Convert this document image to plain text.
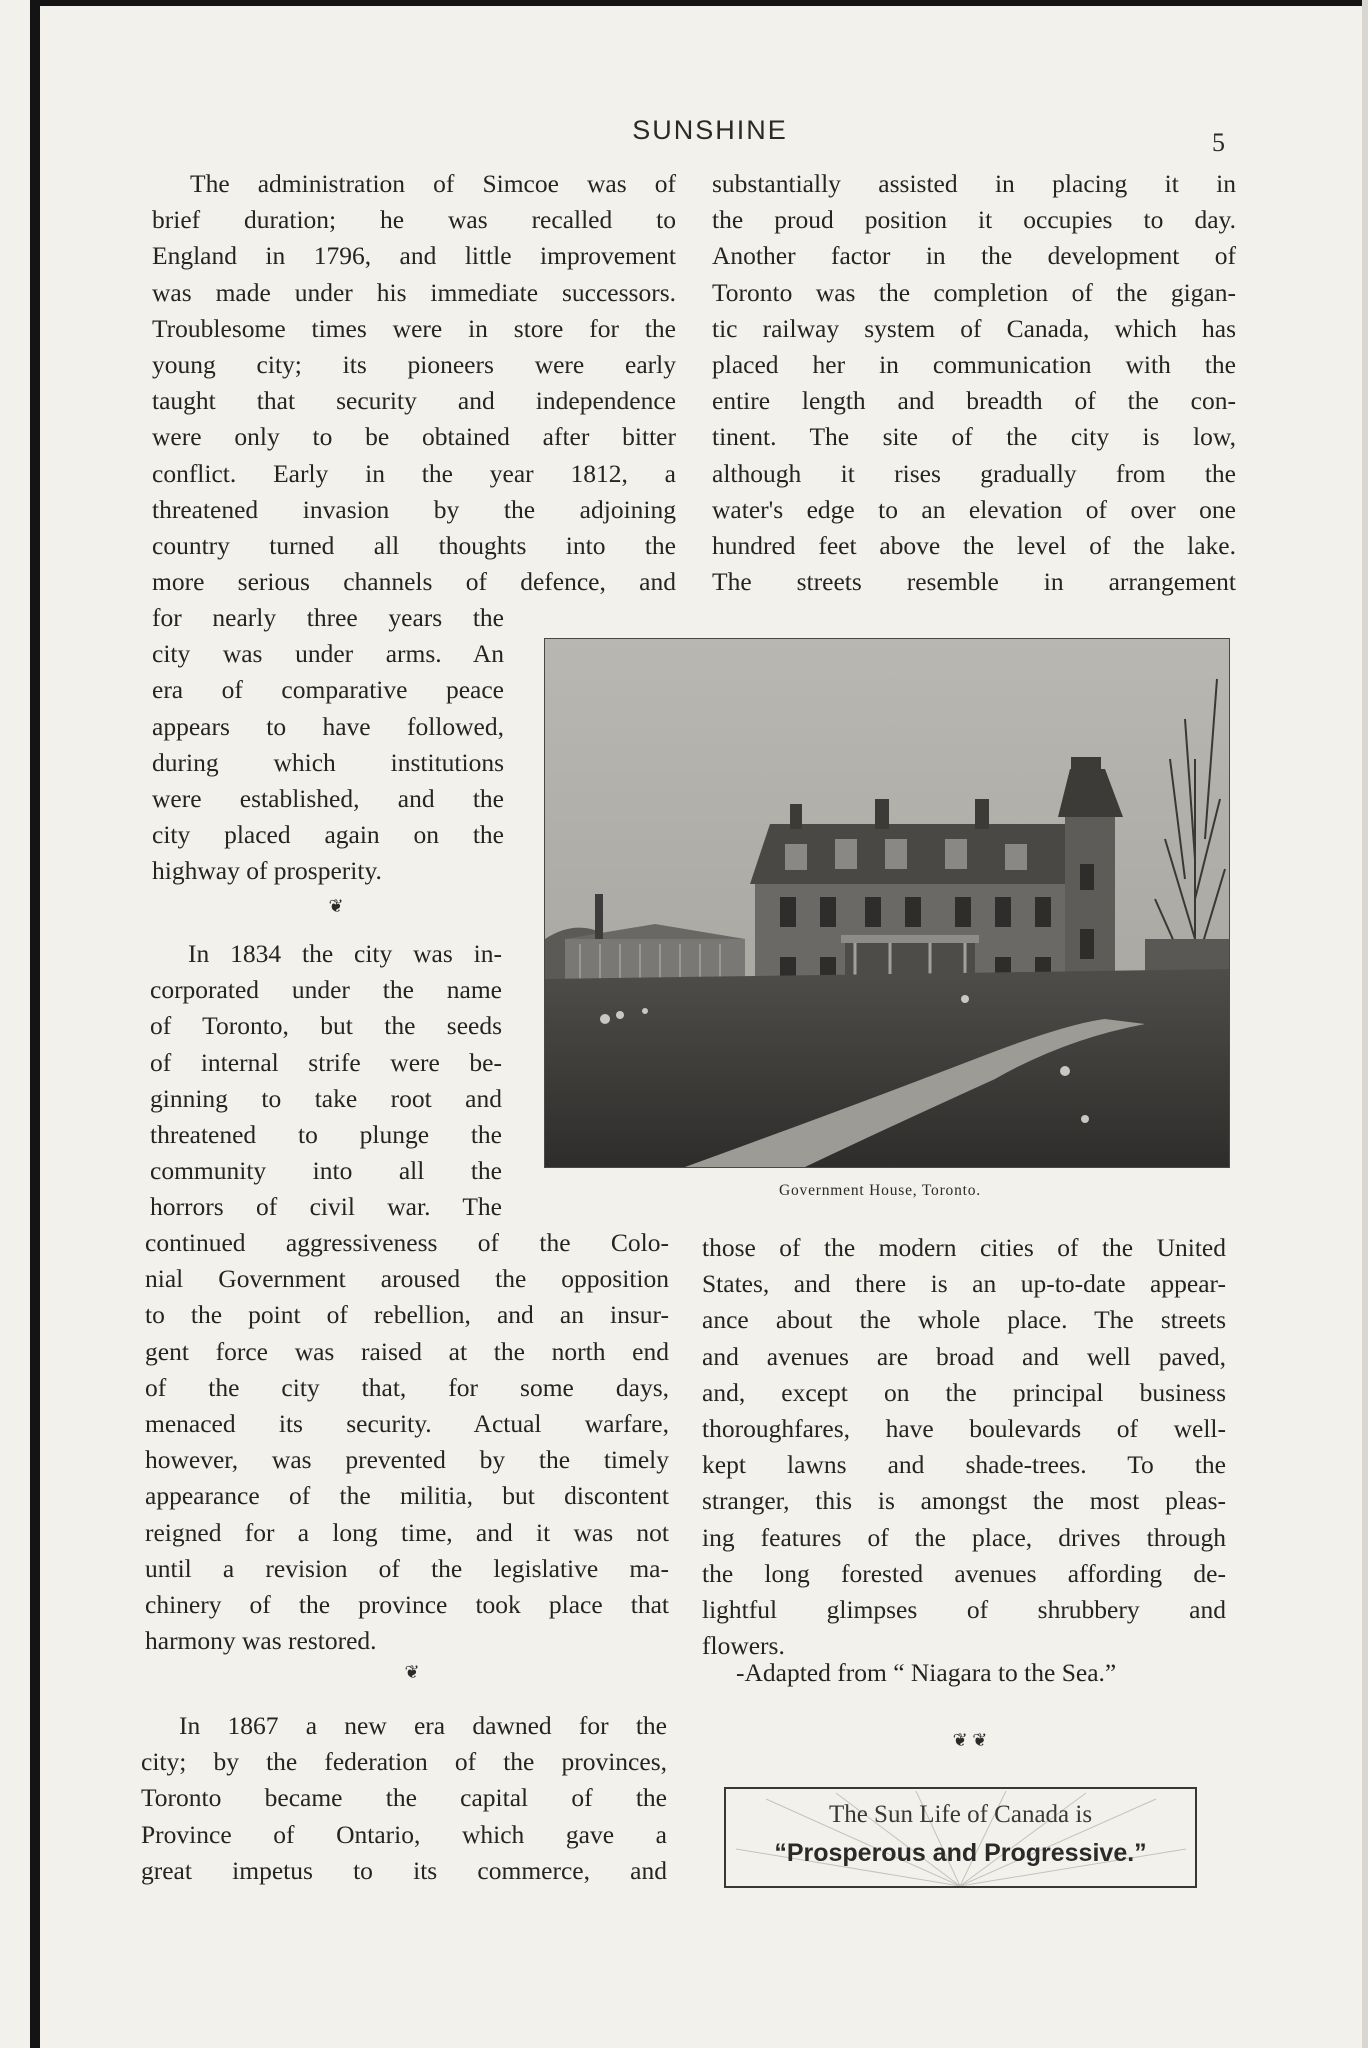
SUNSHINE	5

The administration of Simcoe was of

brief duration; he was recalled to
England in 1796, and little improvement
was made under his immediate successors.
Troublesome times were in store for the
young city; its pioneers were early
taught that security and independence
were only to be obtained after bitter
conflict. Early in the year 1812, a
threatened invasion by the adjoining
country turned all thoughts into the
more serious channels of defence, and

for nearly three years the
city was under arms. An
era of comparative peace
appears to have followed,
during which institutions
were established, and the
city placed again on the
highway of prosperity.

❦

In 1834 the city was in-

corporated under the name
of Toronto, but the seeds
of internal strife were be-
ginning to take root and
threatened to plunge the
community into all the
horrors of civil war. The

continued aggressiveness of the Colo-
nial Government aroused the opposition
to the point of rebellion, and an insur-
gent force was raised at the north end
of the city that, for some days,
menaced its security. Actual warfare,
however, was prevented by the timely
appearance of the militia, but discontent
reigned for a long time, and it was not
until a revision of the legislative ma-
chinery of the province took place that
harmony was restored.

❦

In 1867 a new era dawned for the

city; by the federation of the provinces,
Toronto became the capital of the
Province of Ontario, which gave a
great impetus to its commerce, and

substantially assisted in placing it in
the proud position it occupies to day.
Another factor in the development of
Toronto was the completion of the gigan-
tic railway system of Canada, which has
placed her in communication with the
entire length and breadth of the con-
tinent. The site of the city is low,
although it rises gradually from the
water's edge to an elevation of over one
hundred feet above the level of the lake.
The streets resemble in arrangement

Government House, Toronto.

those of the modern cities of the United
States, and there is an up-to-date appear-
ance about the whole place. The streets
and avenues are broad and well paved,
and, except on the principal business
thoroughfares, have boulevards of well-
kept lawns and shade-trees. To the
stranger, this is amongst the most pleas-
ing features of the place, drives through
the long forested avenues affording de-
lightful glimpses of shrubbery and
flowers.

-Adapted from “ Niagara to the Sea.”
❦ ❦
The Sun Life of Canada is
“Prosperous and Progressive.”
